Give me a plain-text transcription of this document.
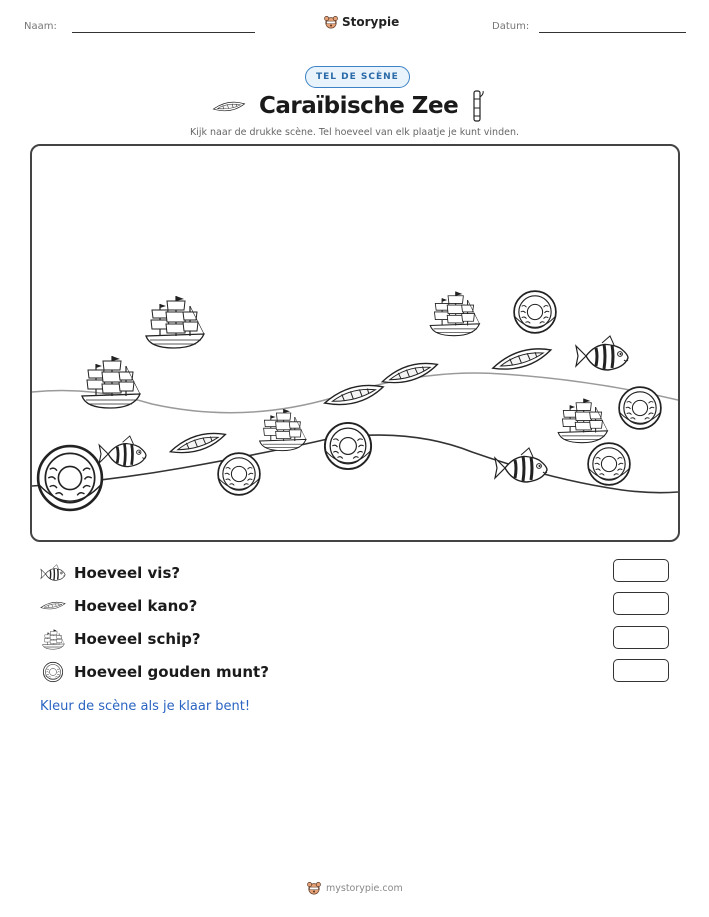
Naam:	Storypie	Datum:
TEL DE SCÈNE
Caraïbische Zee
Kijk naar de drukke scène. Tel hoeveel van elk plaatje je kunt vinden.
Hoeveel vis?
Hoeveel kano?
Hoeveel schip?
Hoeveel gouden munt?
Kleur de scène als je klaar bent!
mystorypie.com
